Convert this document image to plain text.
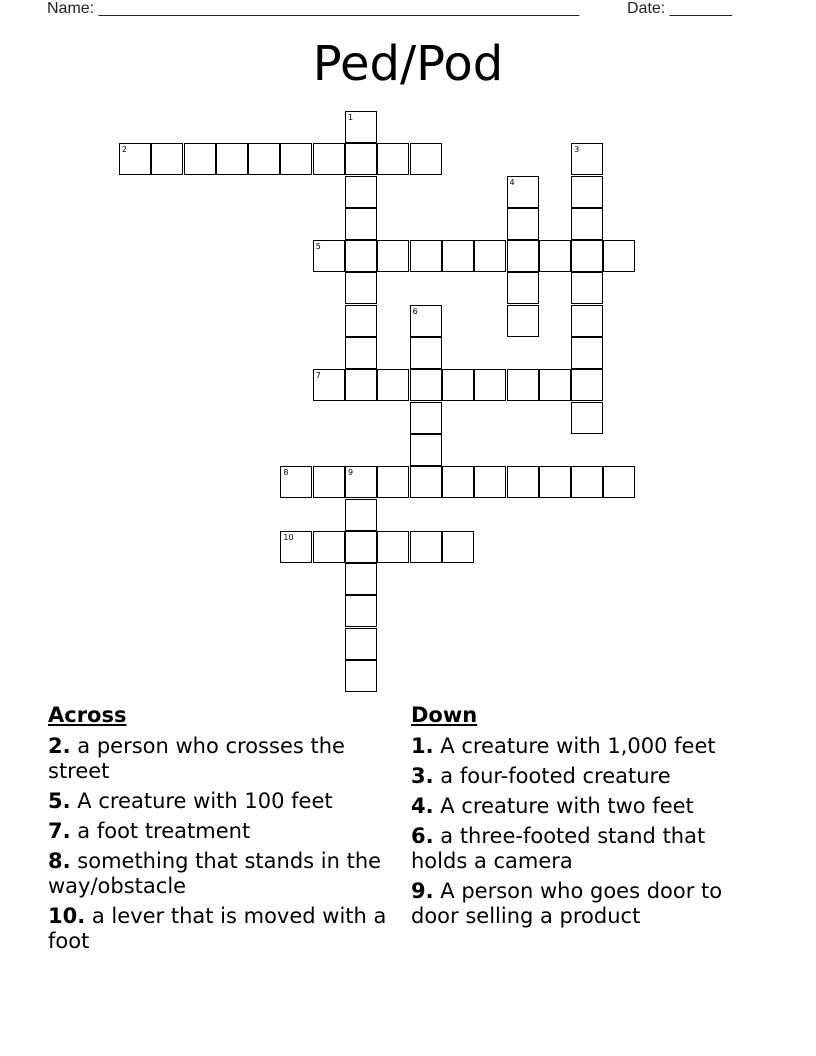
Name: ______________________________________________________	Date: _______
Ped/Pod
1
2	3
4
5
6
7
8	9
10
Across
2. a person who crosses the street
5. A creature with 100 feet
7. a foot treatment
8. something that stands in the way/obstacle
10. a lever that is moved with a foot
Down
1. A creature with 1,000 feet
3. a four-footed creature
4. A creature with two feet
6. a three-footed stand that holds a camera
9. A person who goes door to door selling a product
